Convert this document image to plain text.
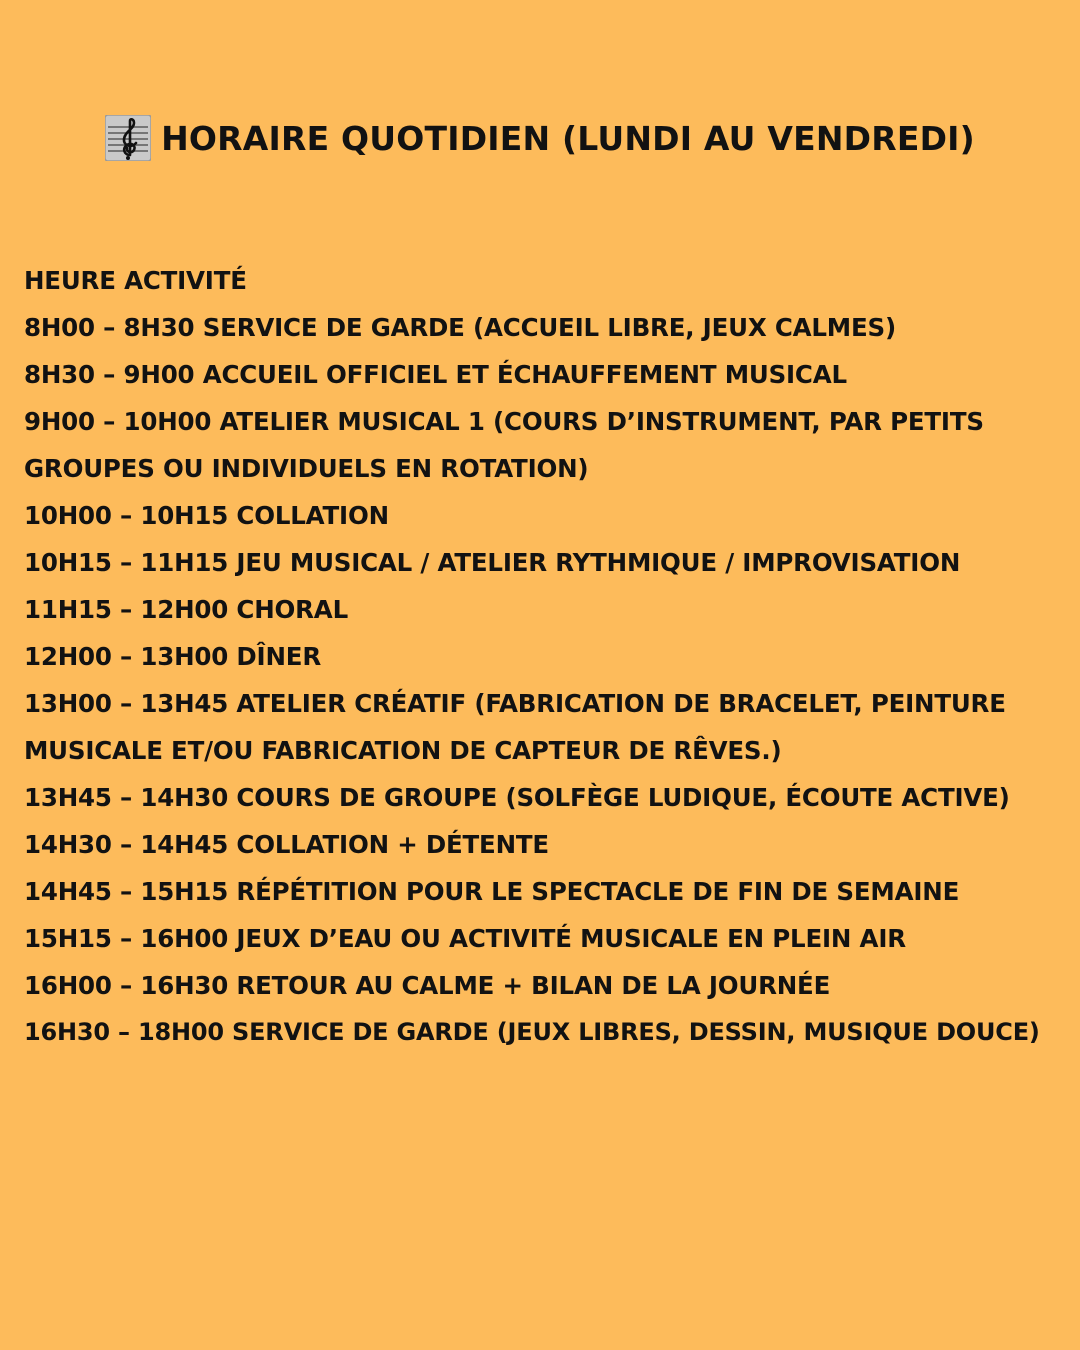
HORAIRE QUOTIDIEN (LUNDI AU VENDREDI)
HEURE ACTIVITÉ
8H00 – 8H30 SERVICE DE GARDE (ACCUEIL LIBRE, JEUX CALMES)
8H30 – 9H00 ACCUEIL OFFICIEL ET ÉCHAUFFEMENT MUSICAL
9H00 – 10H00 ATELIER MUSICAL 1 (COURS D’INSTRUMENT, PAR PETITS GROUPES OU INDIVIDUELS EN ROTATION)
10H00 – 10H15 COLLATION
10H15 – 11H15 JEU MUSICAL / ATELIER RYTHMIQUE / IMPROVISATION
11H15 – 12H00 CHORAL
12H00 – 13H00 DÎNER
13H00 – 13H45 ATELIER CRÉATIF (FABRICATION DE BRACELET, PEINTURE MUSICALE ET/OU FABRICATION DE CAPTEUR DE RÊVES.)
13H45 – 14H30 COURS DE GROUPE (SOLFÈGE LUDIQUE, ÉCOUTE ACTIVE)
14H30 – 14H45 COLLATION + DÉTENTE
14H45 – 15H15 RÉPÉTITION POUR LE SPECTACLE DE FIN DE SEMAINE
15H15 – 16H00 JEUX D’EAU OU ACTIVITÉ MUSICALE EN PLEIN AIR
16H00 – 16H30 RETOUR AU CALME + BILAN DE LA JOURNÉE
16H30 – 18H00 SERVICE DE GARDE (JEUX LIBRES, DESSIN, MUSIQUE DOUCE)
